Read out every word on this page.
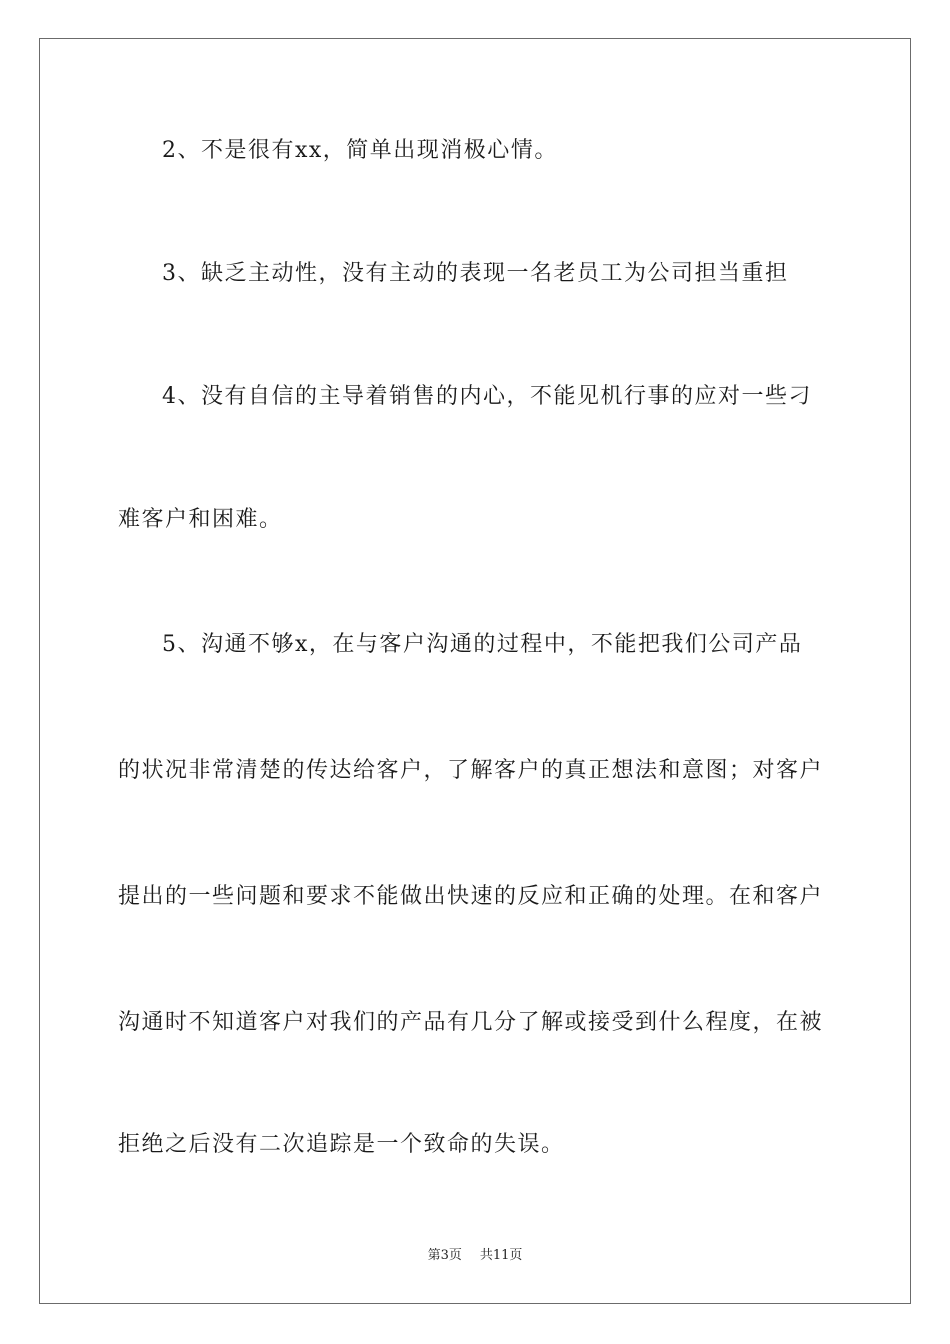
2、不是很有xx，简单出现消极心情。
3、缺乏主动性，没有主动的表现一名老员工为公司担当重担
4、没有自信的主导着销售的内心，不能见机行事的应对一些刁
难客户和困难。
5、沟通不够x，在与客户沟通的过程中，不能把我们公司产品
的状况非常清楚的传达给客户，了解客户的真正想法和意图；对客户
提出的一些问题和要求不能做出快速的反应和正确的处理。在和客户
沟通时不知道客户对我们的产品有几分了解或接受到什么程度，在被
拒绝之后没有二次追踪是一个致命的失误。
第3页 共11页
